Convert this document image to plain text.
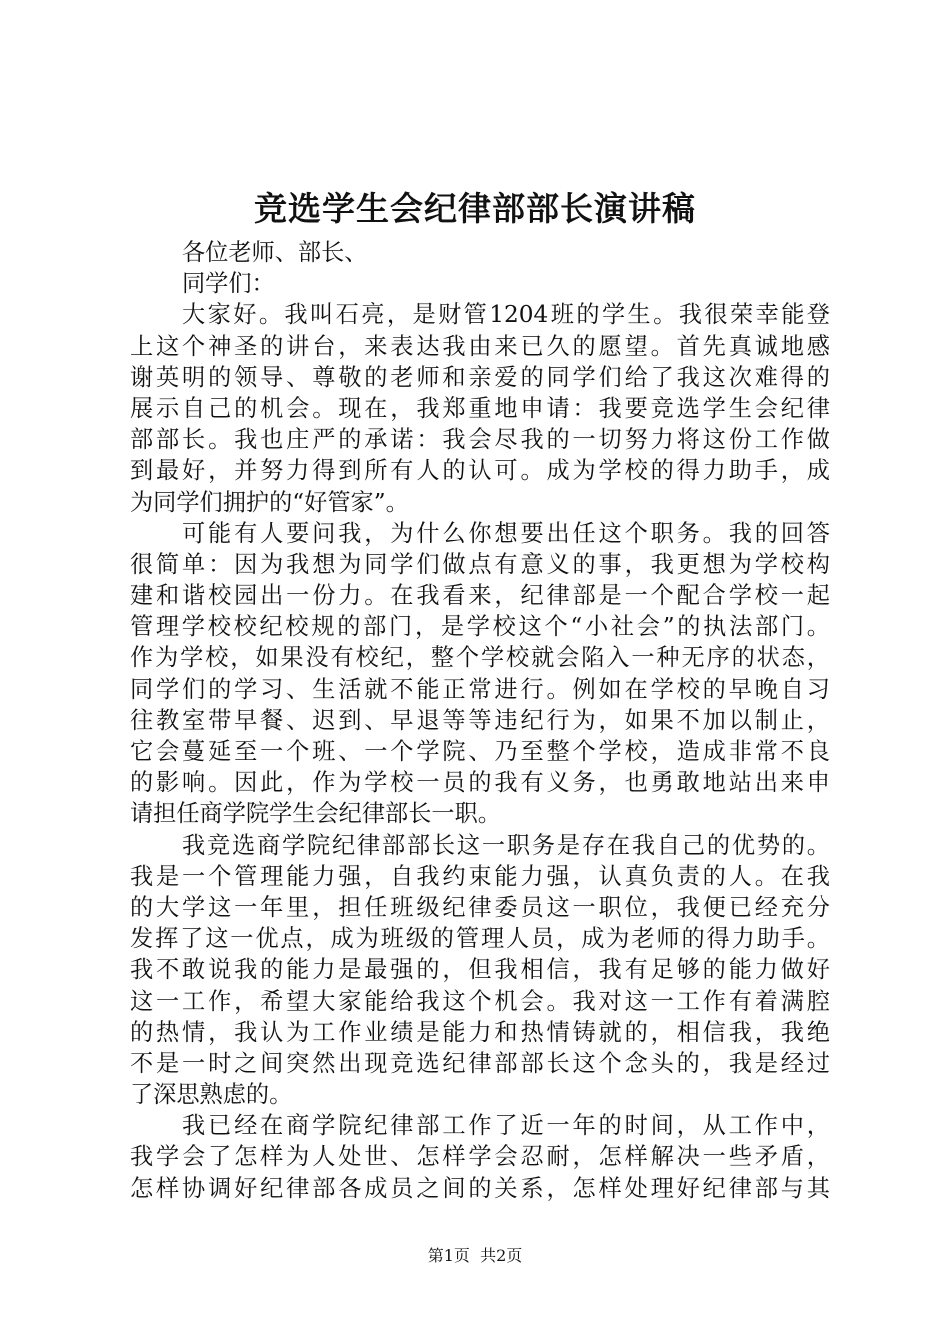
竞选学生会纪律部部长演讲稿
各位老师、部长、
同学们：
大家好。我叫石亮，是财管1204班的学生。我很荣幸能登
上这个神圣的讲台，来表达我由来已久的愿望。首先真诚地感
谢英明的领导、尊敬的老师和亲爱的同学们给了我这次难得的
展示自己的机会。现在，我郑重地申请：我要竞选学生会纪律
部部长。我也庄严的承诺：我会尽我的一切努力将这份工作做
到最好，并努力得到所有人的认可。成为学校的得力助手，成
为同学们拥护的“好管家”。
可能有人要问我，为什么你想要出任这个职务。我的回答
很简单：因为我想为同学们做点有意义的事，我更想为学校构
建和谐校园出一份力。在我看来，纪律部是一个配合学校一起
管理学校校纪校规的部门，是学校这个“小社会”的执法部门。
作为学校，如果没有校纪，整个学校就会陷入一种无序的状态，
同学们的学习、生活就不能正常进行。例如在学校的早晚自习
往教室带早餐、迟到、早退等等违纪行为，如果不加以制止，
它会蔓延至一个班、一个学院、乃至整个学校，造成非常不良
的影响。因此，作为学校一员的我有义务，也勇敢地站出来申
请担任商学院学生会纪律部长一职。
我竞选商学院纪律部部长这一职务是存在我自己的优势的。
我是一个管理能力强，自我约束能力强，认真负责的人。在我
的大学这一年里，担任班级纪律委员这一职位，我便已经充分
发挥了这一优点，成为班级的管理人员，成为老师的得力助手。
我不敢说我的能力是最强的，但我相信，我有足够的能力做好
这一工作，希望大家能给我这个机会。我对这一工作有着满腔
的热情，我认为工作业绩是能力和热情铸就的，相信我，我绝
不是一时之间突然出现竞选纪律部部长这个念头的，我是经过
了深思熟虑的。
我已经在商学院纪律部工作了近一年的时间，从工作中，
我学会了怎样为人处世、怎样学会忍耐，怎样解决一些矛盾，
怎样协调好纪律部各成员之间的关系，怎样处理好纪律部与其
第1页 共2页
